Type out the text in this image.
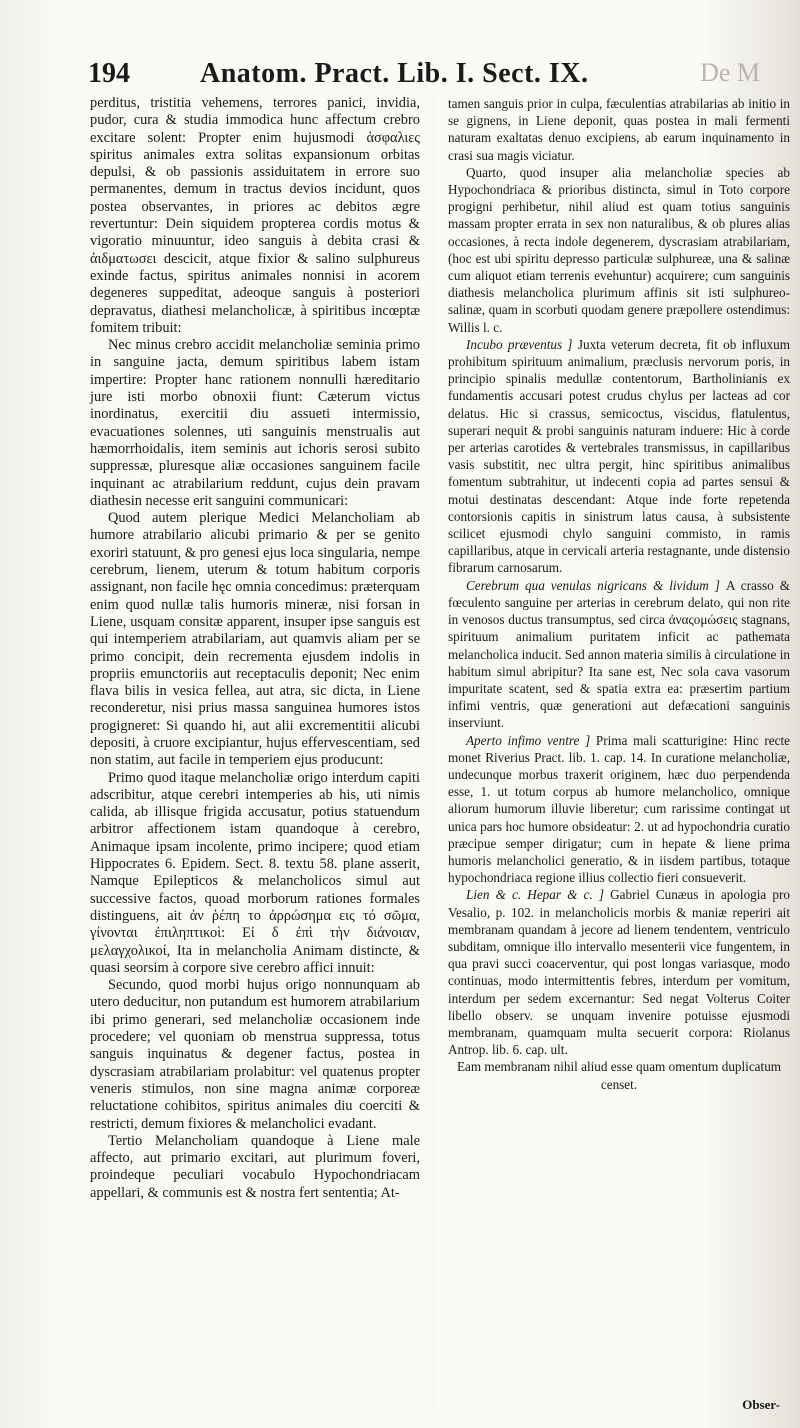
194	Anatom. Pract. Lib. I. Sect. IX.	De M

perditus, tristitia vehemens, terrores panici, invidia, pudor, cura & studia immodica hunc affectum crebro excitare solent: Propter enim hujusmodi ἀσφαλιες spiritus animales extra solitas expansionum orbitas depulsi, & ob passionis assiduitatem in errore suo permanentes, demum in tractus devios incidunt, quos postea observantes, in priores ac debitos ægre revertuntur: Dein siquidem propterea cordis motus & vigoratio minuuntur, ideo sanguis à debita crasi & ἀιδματωσει descicit, atque fixior & salino sulphureus exinde factus, spiritus animales nonnisi in acorem degeneres suppeditat, adeoque sanguis à posteriori depravatus, diathesi melancholicæ, à spiritibus incœptæ fomitem tribuit:

Nec minus crebro accidit melancholiæ seminia primo in sanguine jacta, demum spiritibus labem istam impertire: Propter hanc rationem nonnulli hæreditario jure isti morbo obnoxii fiunt: Cæterum victus inordinatus, exercitii diu assueti intermissio, evacuationes solennes, uti sanguinis menstrualis aut hæmorrhoidalis, item seminis aut ichoris serosi subito suppressæ, pluresque aliæ occasiones sanguinem facile inquinant ac atrabilarium reddunt, cujus dein pravam diathesin necesse erit sanguini communicari:

Quod autem plerique Medici Melancholiam ab humore atrabilario alicubi primario & per se genito exoriri statuunt, & pro genesi ejus loca singularia, nempe cerebrum, lienem, uterum & totum habitum corporis assignant, non facile hęc omnia concedimus: præterquam enim quod nullæ talis humoris mineræ, nisi forsan in Liene, usquam consitæ apparent, insuper ipse sanguis est qui intemperiem atrabilariam, aut quamvis aliam per se primo concipit, dein recrementa ejusdem indolis in propriis emunctoriis aut receptaculis deponit; Nec enim flava bilis in vesica fellea, aut atra, sic dicta, in Liene reconderetur, nisi prius massa sanguinea humores istos progigneret: Si quando hi, aut alii excrementitii alicubi depositi, à cruore excipiantur, hujus effervescentiam, sed non statim, aut facile in temperiem ejus producunt:

Primo quod itaque melancholiæ origo interdum capiti adscribitur, atque cerebri intemperies ab his, uti nimis calida, ab illisque frigida accusatur, potius statuendum arbitror affectionem istam quandoque à cerebro, Animaque ipsam incolente, primo incipere; quod etiam Hippocrates 6. Epidem. Sect. 8. textu 58. plane asserit, Namque Epilepticos & melancholicos simul aut successive factos, quoad morborum rationes formales distinguens, ait ἀν ῥέπη το ἀρρώσημα εις τό σῶμα, γίνονται ἐπιληπτικοὶ: Εἰ δ ἐπὶ τὴν διάνοιαν, μελαγχολικοί, Ita in melancholia Animam distincte, & quasi seorsim à corpore sive cerebro affici innuit:

Secundo, quod morbi hujus origo nonnunquam ab utero deducitur, non putandum est humorem atrabilarium ibi primo generari, sed melancholiæ occasionem inde procedere; vel quoniam ob menstrua suppressa, totus sanguis inquinatus & degener factus, postea in dyscrasiam atrabilariam prolabitur: vel quatenus propter veneris stimulos, non sine magna animæ corporeæ reluctatione cohibitos, spiritus animales diu coerciti & restricti, demum fixiores & melancholici evadant.

Tertio Melancholiam quandoque à Liene male affecto, aut primario excitari, aut plurimum foveri, proindeque peculiari vocabulo Hypochondriacam appellari, & communis est & nostra fert sententia; At-

tamen sanguis prior in culpa, fæculentias atrabilarias ab initio in se gignens, in Liene deponit, quas postea in mali fermenti naturam exaltatas denuo excipiens, ab earum inquinamento in crasi sua magis viciatur.

Quarto, quod insuper alia melancholiæ species ab Hypochondriaca & prioribus distincta, simul in Toto corpore progigni perhibetur, nihil aliud est quam totius sanguinis massam propter errata in sex non naturalibus, & ob plures alias occasiones, à recta indole degenerem, dyscrasiam atrabilariam, (hoc est ubi spiritu depresso particulæ sulphureæ, una & salinæ cum aliquot etiam terrenis evehuntur) acquirere; cum sanguinis diathesis melancholica plurimum affinis sit isti sulphureo-salinæ, quam in scorbuti quodam genere præpollere ostendimus: Willis l. c.

Incubo præventus ] Juxta veterum decreta, fit ob influxum prohibitum spirituum animalium, præclusis nervorum poris, in principio spinalis medullæ contentorum, Bartholinianis ex fundamentis accusari potest crudus chylus per lacteas ad cor delatus. Hic si crassus, semicoctus, viscidus, flatulentus, superari nequit & probi sanguinis naturam induere: Hic à corde per arterias carotides & vertebrales transmissus, in capillaribus vasis substitit, nec ultra pergit, hinc spiritibus animalibus fomentum subtrahitur, ut indecenti copia ad partes sensui & motui destinatas descendant: Atque inde forte repetenda contorsionis capitis in sinistrum latus causa, à subsistente scilicet ejusmodi chylo sanguini commisto, in ramis capillaribus, atque in cervicali arteria restagnante, unde distensio fibrarum carnosarum.

Cerebrum qua venulas nigricans & lividum ] A crasso & fœculento sanguine per arterias in cerebrum delato, qui non rite in venosos ductus transumptus, sed circa ἀναςομώσεις stagnans, spirituum animalium puritatem inficit ac pathemata melancholica inducit. Sed annon materia similis à circulatione in habitum simul abripitur? Ita sane est, Nec sola cava vasorum impuritate scatent, sed & spatia extra ea: præsertim partium infimi ventris, quæ generationi aut defæcationi sanguinis inserviunt.

Aperto infimo ventre ] Prima mali scatturigine: Hinc recte monet Riverius Pract. lib. 1. cap. 14. In curatione melancholiæ, undecunque morbus traxerit originem, hæc duo perpendenda esse, 1. ut totum corpus ab humore melancholico, omnique aliorum humorum illuvie liberetur; cum rarissime contingat ut unica pars hoc humore obsideatur: 2. ut ad hypochondria curatio præcipue semper dirigatur; cum in hepate & liene prima humoris melancholici generatio, & in iisdem partibus, totaque hypochondriaca regione illius collectio fieri consueverit.

Lien & c. Hepar & c. ] Gabriel Cunæus in apologia pro Vesalio, p. 102. in melancholicis morbis & maniæ reperiri ait membranam quandam à jecore ad lienem tendentem, ventriculo subditam, omnique illo intervallo mesenterii vice fungentem, in qua pravi succi coacerventur, qui post longas variasque, modo continuas, modo intermittentis febres, interdum per vomitum, interdum per sedem excernantur: Sed negat Volterus Coiter libello observ. se unquam invenire potuisse ejusmodi membranam, quamquam multa secuerit corpora: Riolanus Antrop. lib. 6. cap. ult.

Eam membranam nihil aliud esse quam omentum duplicatum censet.

Obser-
